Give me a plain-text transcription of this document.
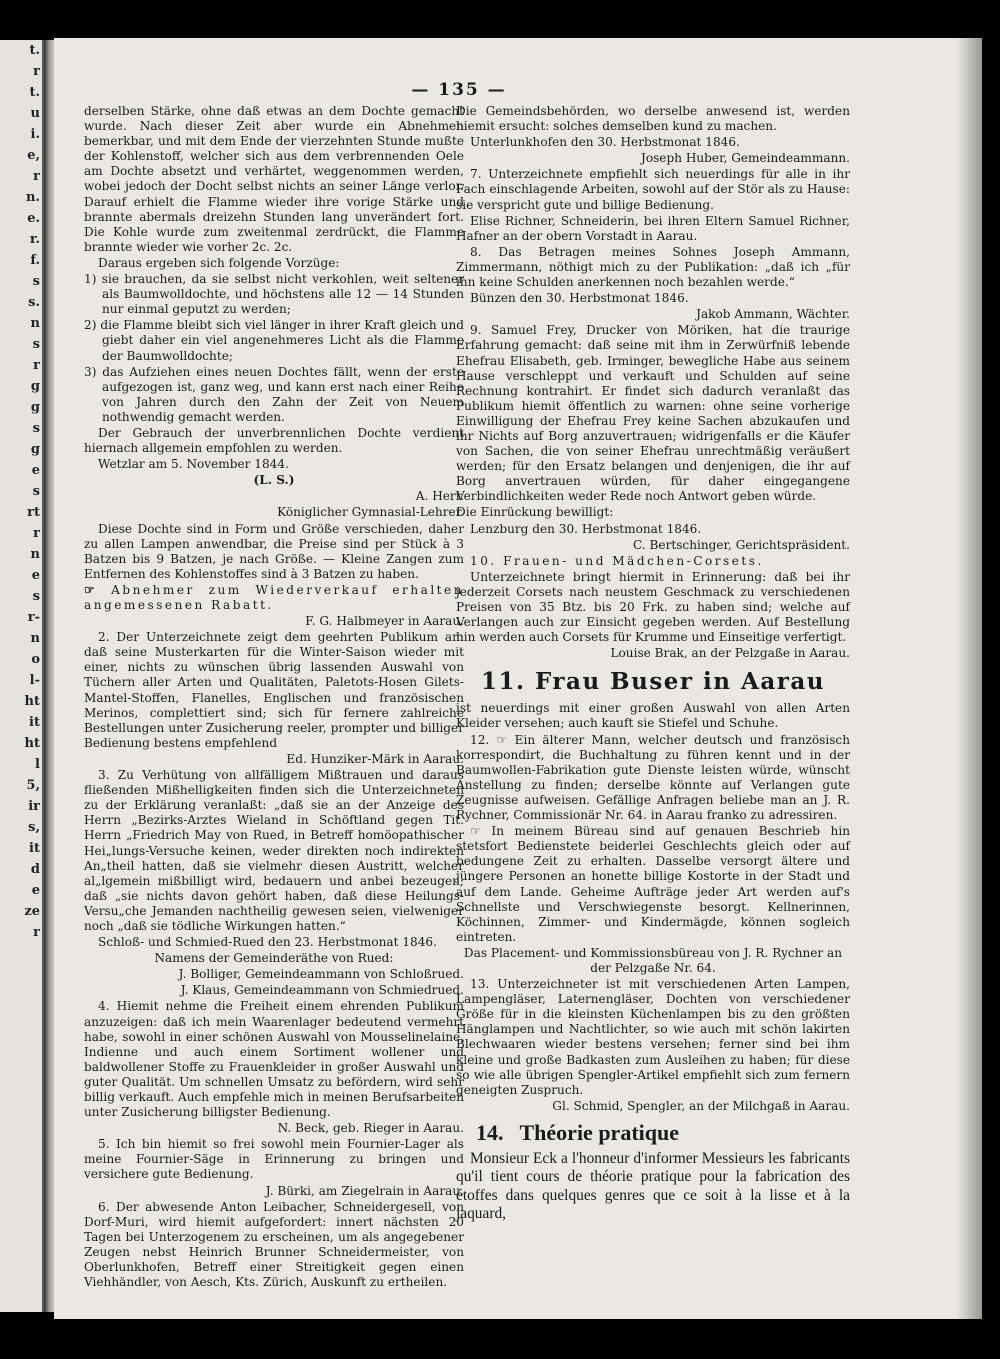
t.
r
t.
u
i.
e,
r
n.
e.
r.
f.
s
s.
n
s
r
g
g
s
g
e
s
rt
r
n
e
s
r-
n
o
l-
ht
it
ht
l
5,
ir
s,
it
d
e
ze
r
— 135 —

derselben Stärke, ohne daß etwas an dem Dochte gemacht wurde. Nach dieser Zeit aber wurde ein Abnehmen bemerkbar, und mit dem Ende der vierzehnten Stunde mußte der Kohlenstoff, welcher sich aus dem verbrennenden Oele am Dochte absetzt und verhärtet, weggenommen werden, wobei jedoch der Docht selbst nichts an seiner Länge verlor. Darauf erhielt die Flamme wieder ihre vorige Stärke und brannte abermals dreizehn Stunden lang unverändert fort. Die Kohle wurde zum zweitenmal zerdrückt, die Flamme brannte wieder wie vorher 2c. 2c.

Daraus ergeben sich folgende Vorzüge:

1) sie brauchen, da sie selbst nicht verkohlen, weit seltener als Baumwolldochte, und höchstens alle 12 — 14 Stunden nur einmal geputzt zu werden;
2) die Flamme bleibt sich viel länger in ihrer Kraft gleich und giebt daher ein viel angenehmeres Licht als die Flamme der Baumwolldochte;
3) das Aufziehen eines neuen Dochtes fällt, wenn der erste aufgezogen ist, ganz weg, und kann erst nach einer Reihe von Jahren durch den Zahn der Zeit von Neuem nothwendig gemacht werden.

Der Gebrauch der unverbrennlichen Dochte verdient hiernach allgemein empfohlen zu werden.

Wetzlar am 5. November 1844.

(L. S.)

A. Herr.

Königlicher Gymnasial-Lehrer.

Diese Dochte sind in Form und Größe verschieden, daher zu allen Lampen anwendbar, die Preise sind per Stück à 3 Batzen bis 9 Batzen, je nach Größe. — Kleine Zangen zum Entfernen des Kohlenstoffes sind à 3 Batzen zu haben.

☞ Abnehmer zum Wiederverkauf erhalten angemessenen Rabatt.

F. G. Halbmeyer in Aarau.

2. Der Unterzeichnete zeigt dem geehrten Publikum an: daß seine Musterkarten für die Winter-Saison wieder mit einer, nichts zu wünschen übrig lassenden Auswahl von Tüchern aller Arten und Qualitäten, Paletots-Hosen Gilets-Mantel-Stoffen, Flanelles, Englischen und französischen Merinos, complettiert sind; sich für fernere zahlreiche Bestellungen unter Zusicherung reeler, prompter und billiger Bedienung bestens empfehlend

Ed. Hunziker-Märk in Aarau.

3. Zu Verhütung von allfälligem Mißtrauen und daraus fließenden Mißhelligkeiten finden sich die Unterzeichneten zu der Erklärung veranlaßt: „daß sie an der Anzeige des Herrn „Bezirks-Arztes Wieland in Schöftland gegen Tit. Herrn „Friedrich May von Rued, in Betreff homöopathischer Hei„lungs-Versuche keinen, weder direkten noch indirekten An„theil hatten, daß sie vielmehr diesen Austritt, welcher al„lgemein mißbilligt wird, bedauern und anbei bezeugen; daß „sie nichts davon gehört haben, daß diese Heilungs-Versu„che Jemanden nachtheilig gewesen seien, vielweniger noch „daß sie tödliche Wirkungen hatten.“

Schloß- und Schmied-Rued den 23. Herbstmonat 1846.

Namens der Gemeinderäthe von Rued:

J. Bolliger, Gemeindeammann von Schloßrued.

J. Klaus, Gemeindeammann von Schmiedrued.

4. Hiemit nehme die Freiheit einem ehrenden Publikum anzuzeigen: daß ich mein Waarenlager bedeutend vermehrt habe, sowohl in einer schönen Auswahl von Mousselinelaine, Indienne und auch einem Sortiment wollener und baldwollener Stoffe zu Frauenkleider in großer Auswahl und guter Qualität. Um schnellen Umsatz zu befördern, wird sehr billig verkauft. Auch empfehle mich in meinen Berufsarbeiten unter Zusicherung billigster Bedienung.

N. Beck, geb. Rieger in Aarau.

5. Ich bin hiemit so frei sowohl mein Fournier-Lager als meine Fournier-Säge in Erinnerung zu bringen und versichere gute Bedienung.

J. Bürki, am Ziegelrain in Aarau.

6. Der abwesende Anton Leibacher, Schneidergesell, von Dorf-Muri, wird hiemit aufgefordert: innert nächsten 20 Tagen bei Unterzogenem zu erscheinen, um als angegebener Zeugen nebst Heinrich Brunner Schneidermeister, von Oberlunkhofen, Betreff einer Streitigkeit gegen einen Viehhändler, von Aesch, Kts. Zürich, Auskunft zu ertheilen.

Die Gemeindsbehörden, wo derselbe anwesend ist, werden hiemit ersucht: solches demselben kund zu machen.

Unterlunkhofen den 30. Herbstmonat 1846.

Joseph Huber, Gemeindeammann.

7. Unterzeichnete empfiehlt sich neuerdings für alle in ihr Fach einschlagende Arbeiten, sowohl auf der Stör als zu Hause: sie verspricht gute und billige Bedienung.

Elise Richner, Schneiderin, bei ihren Eltern Samuel Richner, Hafner an der obern Vorstadt in Aarau.

8. Das Betragen meines Sohnes Joseph Ammann, Zimmermann, nöthigt mich zu der Publikation: „daß ich „für ihn keine Schulden anerkennen noch bezahlen werde.“

Bünzen den 30. Herbstmonat 1846.

Jakob Ammann, Wächter.

9. Samuel Frey, Drucker von Möriken, hat die traurige Erfahrung gemacht: daß seine mit ihm in Zerwürfniß lebende Ehefrau Elisabeth, geb. Irminger, bewegliche Habe aus seinem Hause verschleppt und verkauft und Schulden auf seine Rechnung kontrahirt. Er findet sich dadurch veranlaßt das Publikum hiemit öffentlich zu warnen: ohne seine vorherige Einwilligung der Ehefrau Frey keine Sachen abzukaufen und ihr Nichts auf Borg anzuvertrauen; widrigenfalls er die Käufer von Sachen, die von seiner Ehefrau unrechtmäßig veräußert werden; für den Ersatz belangen und denjenigen, die ihr auf Borg anvertrauen würden, für daher eingegangene Verbindlichkeiten weder Rede noch Antwort geben würde.

Die Einrückung bewilligt:

Lenzburg den 30. Herbstmonat 1846.

C. Bertschinger, Gerichtspräsident.

10. Frauen- und Mädchen-Corsets.

Unterzeichnete bringt hiermit in Erinnerung: daß bei ihr jederzeit Corsets nach neustem Geschmack zu verschiedenen Preisen von 35 Btz. bis 20 Frk. zu haben sind; welche auf Verlangen auch zur Einsicht gegeben werden. Auf Bestellung hin werden auch Corsets für Krumme und Einseitige verfertigt.

Louise Brak, an der Pelzgaße in Aarau.

11. Frau Buser in Aarau

ist neuerdings mit einer großen Auswahl von allen Arten Kleider versehen; auch kauft sie Stiefel und Schuhe.

12. ☞ Ein älterer Mann, welcher deutsch und französisch korrespondirt, die Buchhaltung zu führen kennt und in der Baumwollen-Fabrikation gute Dienste leisten würde, wünscht Anstellung zu finden; derselbe könnte auf Verlangen gute Zeugnisse aufweisen. Gefällige Anfragen beliebe man an J. R. Rychner, Commissionär Nr. 64. in Aarau franko zu adressiren.

☞ In meinem Büreau sind auf genauen Beschrieb hin stetsfort Bedienstete beiderlei Geschlechts gleich oder auf bedungene Zeit zu erhalten. Dasselbe versorgt ältere und jüngere Personen an honette billige Kostorte in der Stadt und auf dem Lande. Geheime Aufträge jeder Art werden auf's Schnellste und Verschwiegenste besorgt. Kellnerinnen, Köchinnen, Zimmer- und Kindermägde, können sogleich eintreten.

Das Placement- und Kommissionsbüreau von J. R. Rychner an der Pelzgaße Nr. 64.

13. Unterzeichneter ist mit verschiedenen Arten Lampen, Lampengläser, Laternengläser, Dochten von verschiedener Größe für in die kleinsten Küchenlampen bis zu den größten Hänglampen und Nachtlichter, so wie auch mit schön lakirten Blechwaaren wieder bestens versehen; ferner sind bei ihm kleine und große Badkasten zum Ausleihen zu haben; für diese so wie alle übrigen Spengler-Artikel empfiehlt sich zum fernern geneigten Zuspruch.

Gl. Schmid, Spengler, an der Milchgaß in Aarau.

14. Théorie pratique

Monsieur Eck a l'honneur d'informer Messieurs les fabricants qu'il tient cours de théorie pratique pour la fabrication des étoffes dans quelques genres que ce soit à la lisse et à la jaquard,
